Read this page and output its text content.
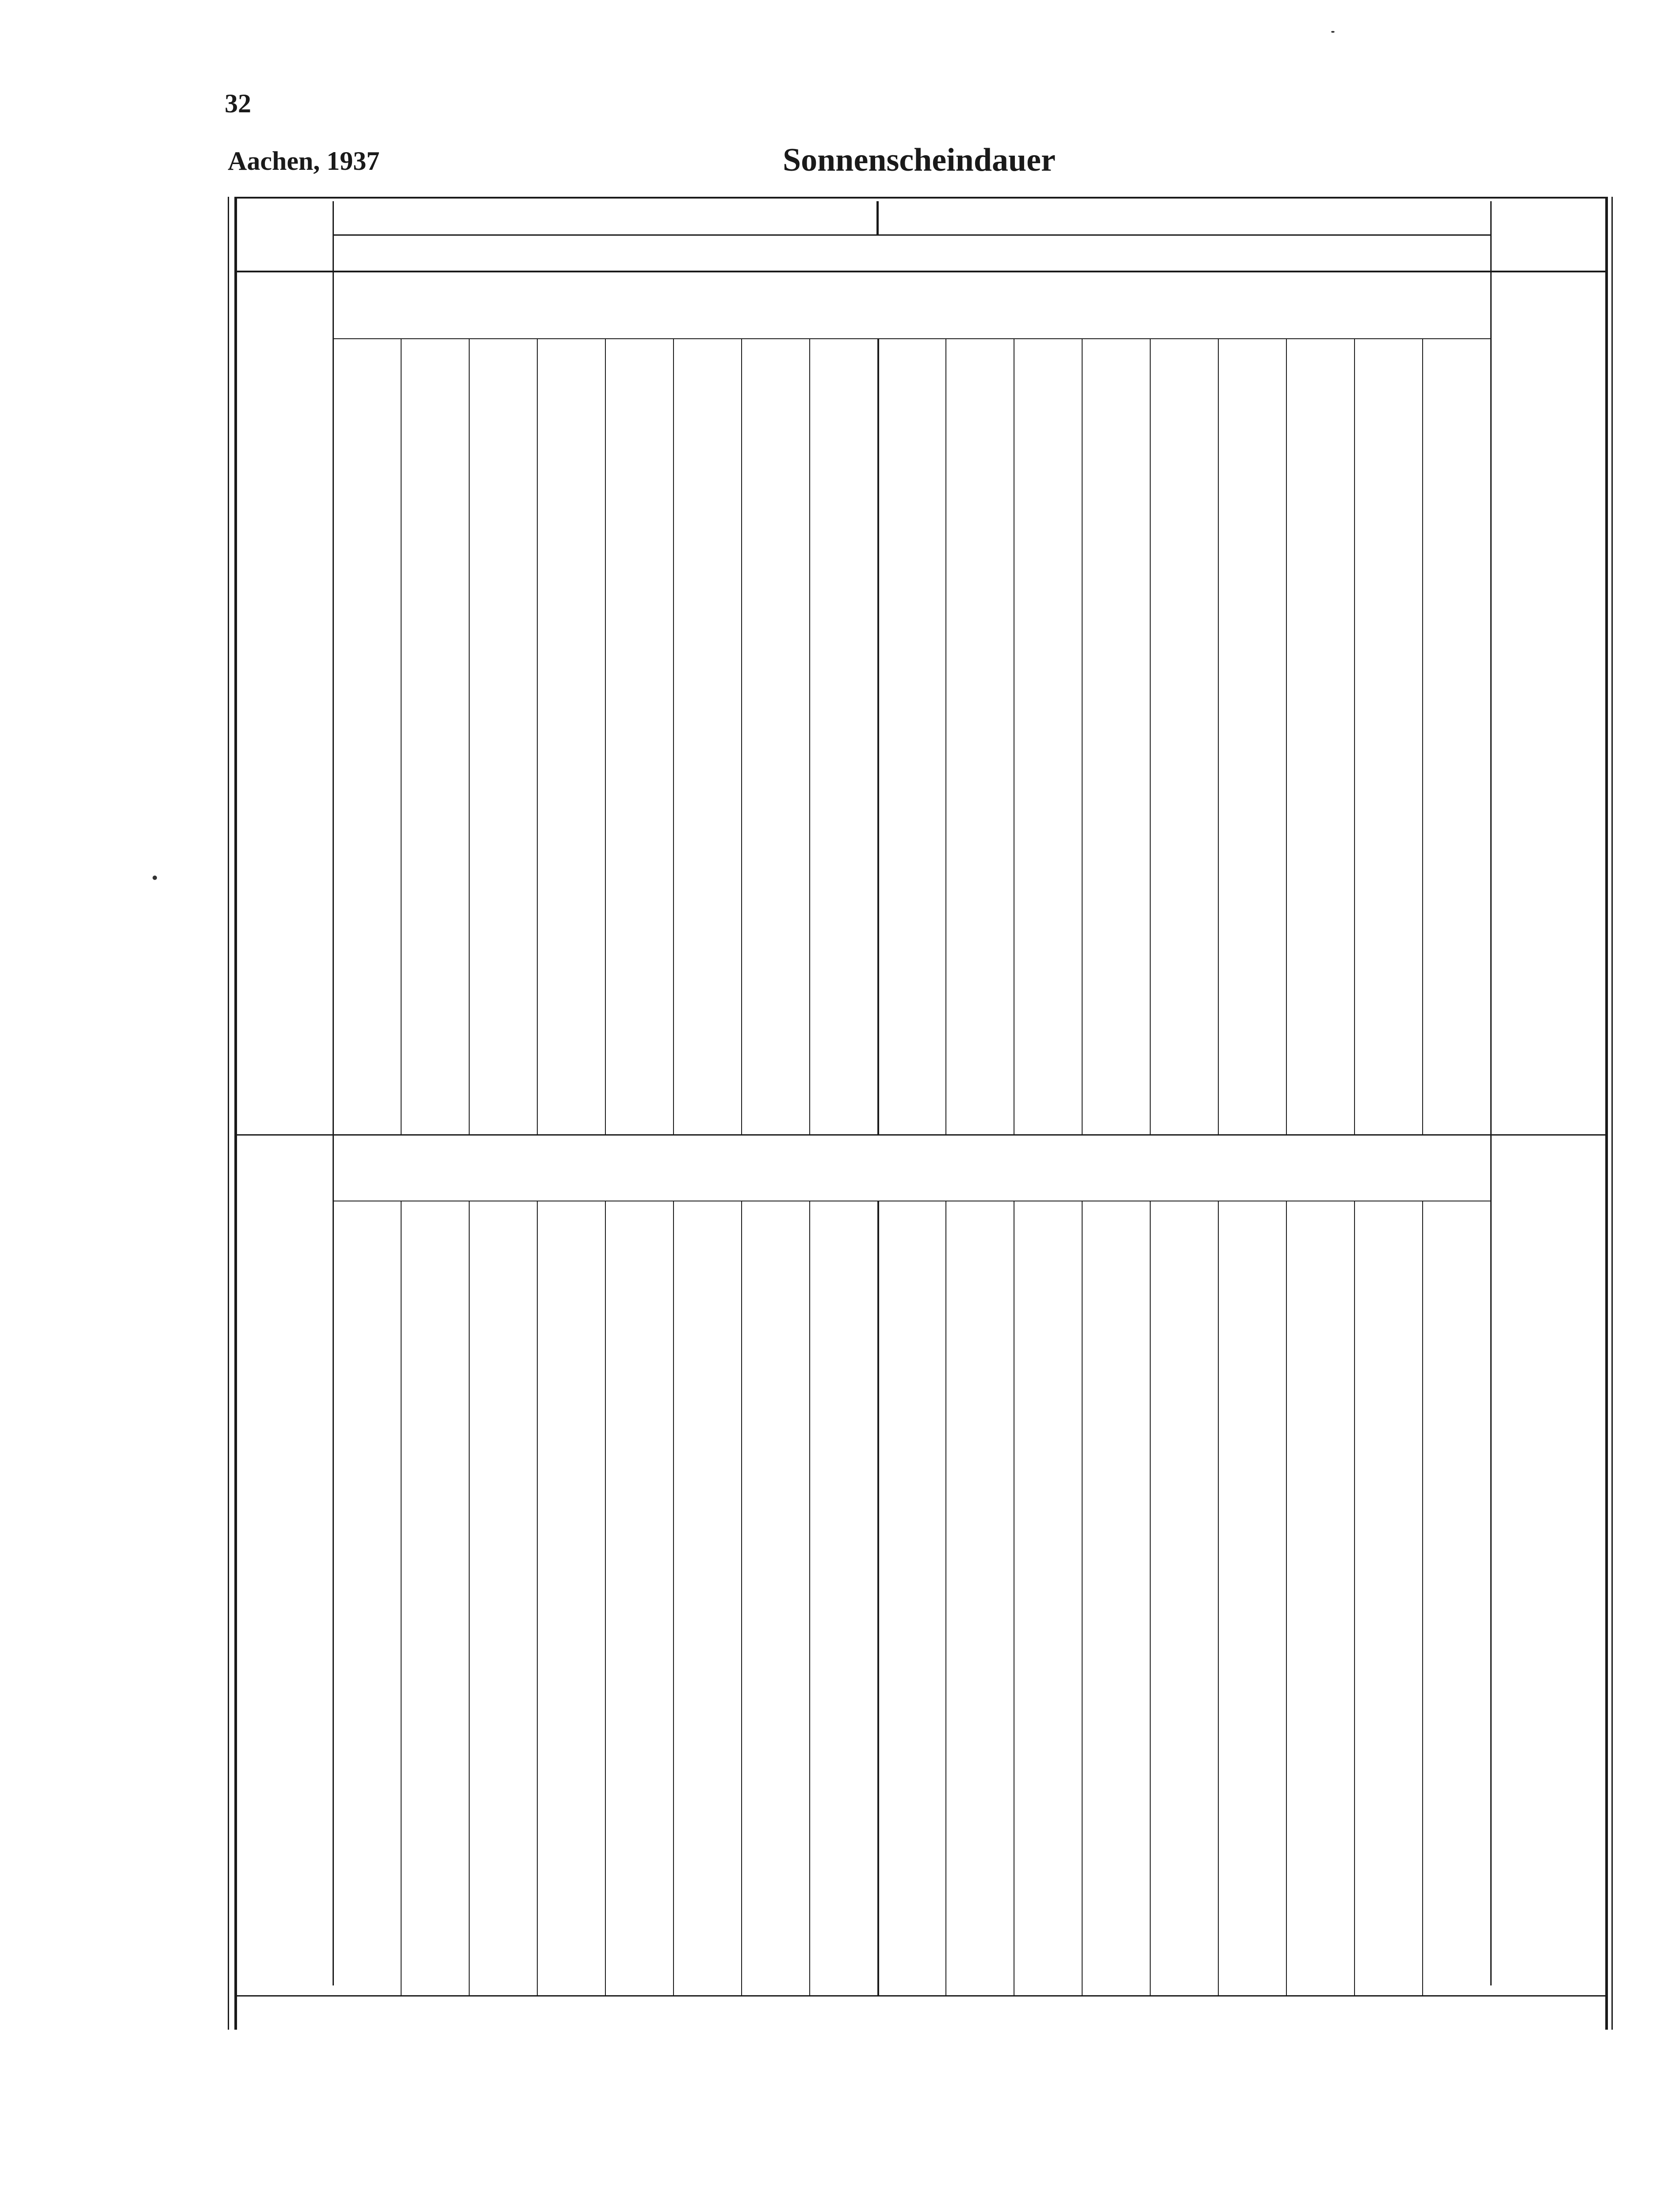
32
Aachen, 1937	Sonnenscheindauer
